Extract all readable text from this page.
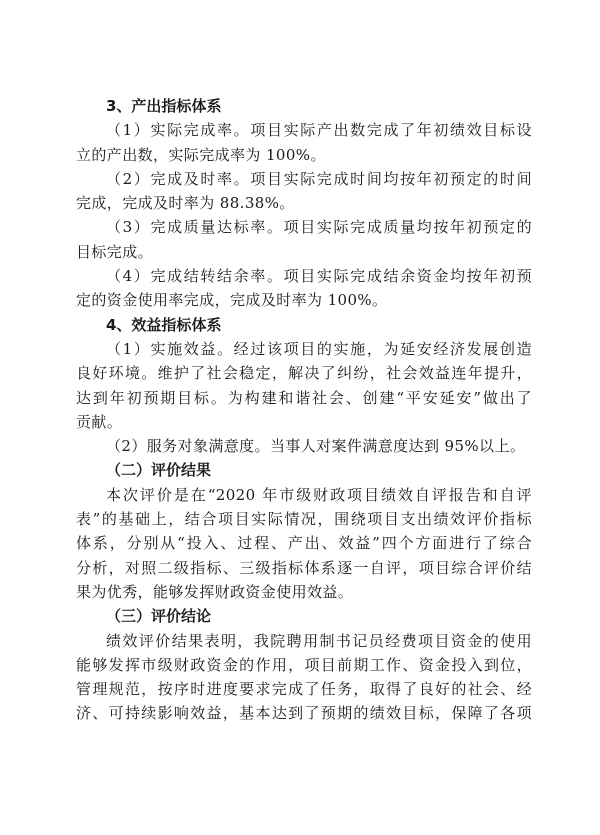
3、产出指标体系
（1）实际完成率。项目实际产出数完成了年初绩效目标设
立的产出数，实际完成率为 100%。
（2）完成及时率。项目实际完成时间均按年初预定的时间
完成，完成及时率为 88.38%。
（3）完成质量达标率。项目实际完成质量均按年初预定的
目标完成。
（4）完成结转结余率。项目实际完成结余资金均按年初预
定的资金使用率完成，完成及时率为 100%。
4、效益指标体系
（1）实施效益。经过该项目的实施，为延安经济发展创造
良好环境。维护了社会稳定，解决了纠纷，社会效益连年提升，
达到年初预期目标。为构建和谐社会、创建“平安延安”做出了
贡献。
（2）服务对象满意度。当事人对案件满意度达到 95%以上。
（二）评价结果
本次评价是在“2020 年市级财政项目绩效自评报告和自评
表”的基础上，结合项目实际情况，围绕项目支出绩效评价指标
体系，分别从“投入、过程、产出、效益”四个方面进行了综合
分析，对照二级指标、三级指标体系逐一自评，项目综合评价结
果为优秀，能够发挥财政资金使用效益。
（三）评价结论
绩效评价结果表明，我院聘用制书记员经费项目资金的使用
能够发挥市级财政资金的作用，项目前期工作、资金投入到位，
管理规范，按序时进度要求完成了任务，取得了良好的社会、经
济、可持续影响效益，基本达到了预期的绩效目标，保障了各项
